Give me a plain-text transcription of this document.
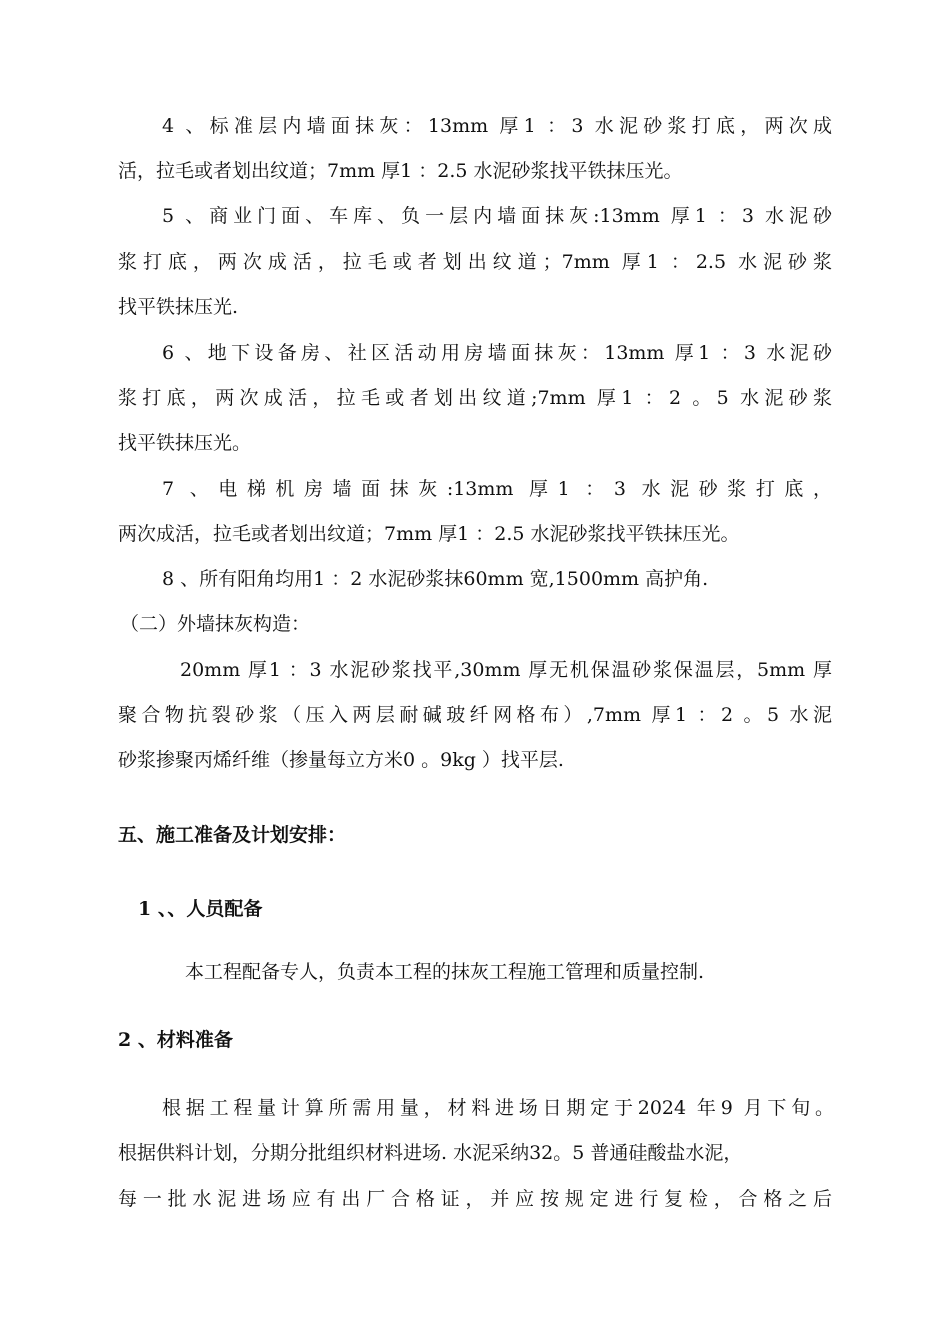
4 、标准层内墙面抹灰：13mm 厚1 ：3 水泥砂浆打底，两次成
活，拉毛或者划出纹道；7mm 厚1 ：2.5 水泥砂浆找平铁抹压光。
5 、商业门面、车库、负一层内墙面抹灰:13mm 厚1 ：3 水泥砂
浆打底，两次成活，拉毛或者划出纹道；7mm 厚1 ：2.5 水泥砂浆
找平铁抹压光.
6 、地下设备房、社区活动用房墙面抹灰：13mm 厚1 ：3 水泥砂
浆打底，两次成活，拉毛或者划出纹道;7mm 厚1 ：2 。5 水泥砂浆
找平铁抹压光。
7 、电梯机房墙面抹灰:13mm 厚1 ：3 水泥砂浆打底，
两次成活，拉毛或者划出纹道；7mm 厚1 ：2.5 水泥砂浆找平铁抹压光。
8 、所有阳角均用1 ：2 水泥砂浆抹60mm 宽,1500mm 高护角.
（二）外墙抹灰构造：
20mm 厚1 ：3 水泥砂浆找平,30mm 厚无机保温砂浆保温层，5mm 厚
聚合物抗裂砂浆（压入两层耐碱玻纤网格布）,7mm 厚1 ：2 。5 水泥
砂浆掺聚丙烯纤维（掺量每立方米0 。9kg ）找平层.
五、施工准备及计划安排：
1 、、人员配备
本工程配备专人，负责本工程的抹灰工程施工管理和质量控制.
2 、材料准备
根据工程量计算所需用量，材料进场日期定于2024 年9 月下旬。
根据供料计划，分期分批组织材料进场. 水泥采纳32。5 普通硅酸盐水泥，
每一批水泥进场应有出厂合格证，并应按规定进行复检，合格之后
